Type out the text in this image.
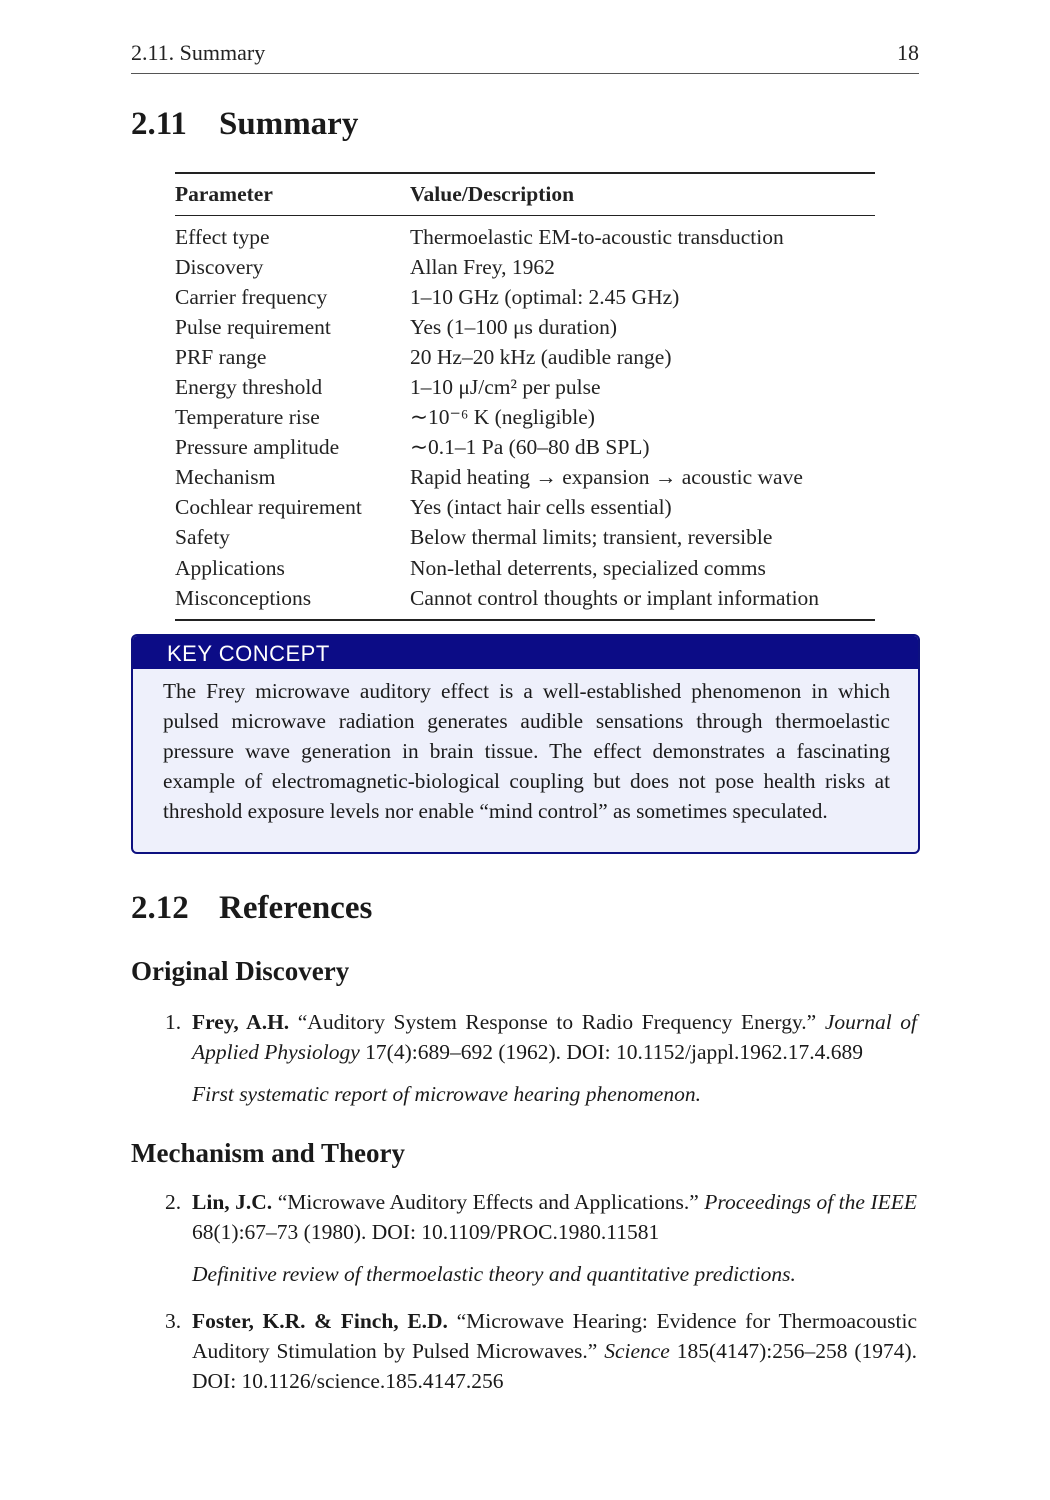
2.11. Summary	18
2.11 Summary
Parameter	Value/Description
Effect type	Thermoelastic EM-to-acoustic transduction
Discovery	Allan Frey, 1962
Carrier frequency	1–10 GHz (optimal: 2.45 GHz)
Pulse requirement	Yes (1–100 μs duration)
PRF range	20 Hz–20 kHz (audible range)
Energy threshold	1–10 μJ/cm² per pulse
Temperature rise	∼10⁻⁶ K (negligible)
Pressure amplitude	∼0.1–1 Pa (60–80 dB SPL)
Mechanism	Rapid heating → expansion → acoustic wave
Cochlear requirement	Yes (intact hair cells essential)
Safety	Below thermal limits; transient, reversible
Applications	Non-lethal deterrents, specialized comms
Misconceptions	Cannot control thoughts or implant information
KEY CONCEPT
The Frey microwave auditory effect is a well-established phenomenon in which pulsed microwave radiation generates audible sensations through thermoelastic pressure wave generation in brain tissue. The effect demonstrates a fascinating example of electromagnetic-biological coupling but does not pose health risks at threshold exposure levels nor enable “mind control” as sometimes speculated.
2.12 References
Original Discovery
1. Frey, A.H. “Auditory System Response to Radio Frequency Energy.” Journal of Applied Physiology 17(4):689–692 (1962). DOI: 10.1152/jappl.1962.17.4.689
First systematic report of microwave hearing phenomenon.
Mechanism and Theory
2. Lin, J.C. “Microwave Auditory Effects and Applications.” Proceedings of the IEEE 68(1):67–73 (1980). DOI: 10.1109/PROC.1980.11581
Definitive review of thermoelastic theory and quantitative predictions.
3. Foster, K.R. & Finch, E.D. “Microwave Hearing: Evidence for Thermoacoustic Auditory Stimulation by Pulsed Microwaves.” Science 185(4147):256–258 (1974). DOI: 10.1126/science.185.4147.256
